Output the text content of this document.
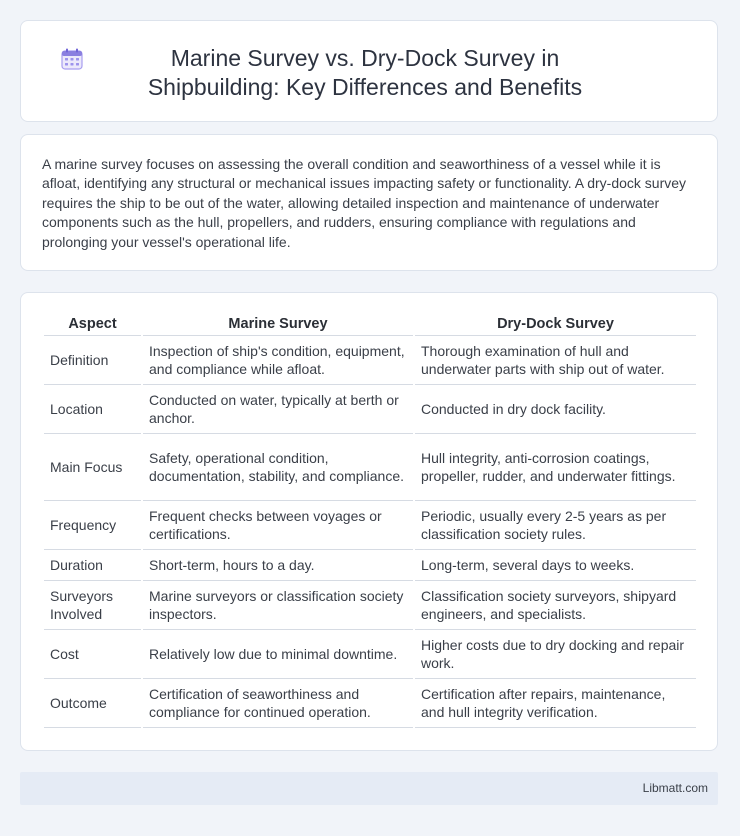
Marine Survey vs. Dry-Dock Survey in Shipbuilding: Key Differences and Benefits
A marine survey focuses on assessing the overall condition and seaworthiness of a vessel while it is afloat, identifying any structural or mechanical issues impacting safety or functionality. A dry-dock survey requires the ship to be out of the water, allowing detailed inspection and maintenance of underwater components such as the hull, propellers, and rudders, ensuring compliance with regulations and prolonging your vessel's operational life.
Aspect	Marine Survey	Dry-Dock Survey
Definition	Inspection of ship's condition, equipment, and compliance while afloat.	Thorough examination of hull and underwater parts with ship out of water.
Location	Conducted on water, typically at berth or anchor.	Conducted in dry dock facility.
Main Focus	Safety, operational condition, documentation, stability, and compliance.	Hull integrity, anti-corrosion coatings, propeller, rudder, and underwater fittings.
Frequency	Frequent checks between voyages or certifications.	Periodic, usually every 2-5 years as per classification society rules.
Duration	Short-term, hours to a day.	Long-term, several days to weeks.
Surveyors Involved	Marine surveyors or classification society inspectors.	Classification society surveyors, shipyard engineers, and specialists.
Cost	Relatively low due to minimal downtime.	Higher costs due to dry docking and repair work.
Outcome	Certification of seaworthiness and compliance for continued operation.	Certification after repairs, maintenance, and hull integrity verification.
Libmatt.com
